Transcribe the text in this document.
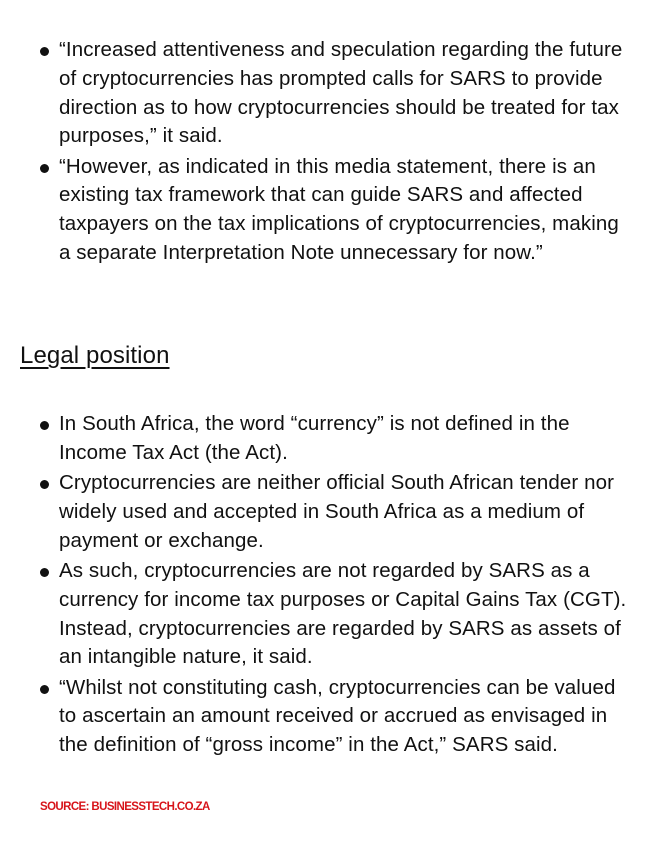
“Increased attentiveness and speculation regarding the future of cryptocurrencies has prompted calls for SARS to provide direction as to how cryptocurrencies should be treated for tax purposes,” it said.
“However, as indicated in this media statement, there is an existing tax framework that can guide SARS and affected taxpayers on the tax implications of cryptocurrencies, making a separate Interpretation Note unnecessary for now.”
Legal position
In South Africa, the word “currency” is not defined in the Income Tax Act (the Act).
Cryptocurrencies are neither official South African tender nor widely used and accepted in South Africa as a medium of payment or exchange.
As such, cryptocurrencies are not regarded by SARS as a currency for income tax purposes or Capital Gains Tax (CGT). Instead, cryptocurrencies are regarded by SARS as assets of an intangible nature, it said.
“Whilst not constituting cash, cryptocurrencies can be valued to ascertain an amount received or accrued as envisaged in the definition of “gross income” in the Act,” SARS said.
SOURCE: BUSINESSTECH.CO.ZA
